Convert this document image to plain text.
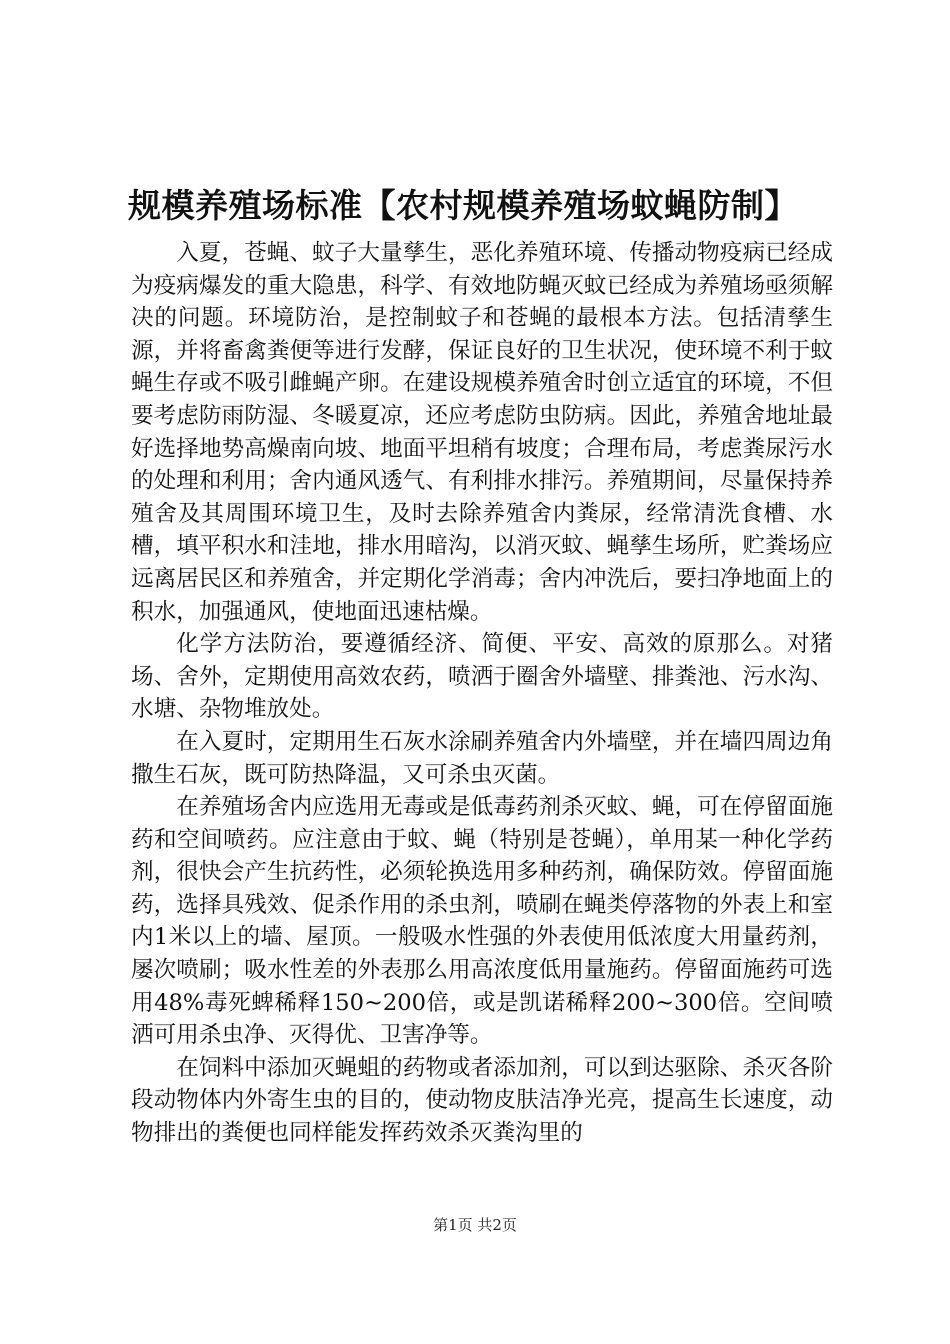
规模养殖场标准【农村规模养殖场蚊蝇防制】

入夏，苍蝇、蚊子大量孳生，恶化养殖环境、传播动物疫病已经成为疫病爆发的重大隐患，科学、有效地防蝇灭蚊已经成为养殖场亟须解决的问题。环境防治，是控制蚊子和苍蝇的最根本方法。包括清孳生源，并将畜禽粪便等进行发酵，保证良好的卫生状况，使环境不利于蚊蝇生存或不吸引雌蝇产卵。在建设规模养殖舍时创立适宜的环境，不但要考虑防雨防湿、冬暖夏凉，还应考虑防虫防病。因此，养殖舍地址最好选择地势高燥南向坡、地面平坦稍有坡度；合理布局，考虑粪尿污水的处理和利用；舍内通风透气、有利排水排污。养殖期间，尽量保持养殖舍及其周围环境卫生，及时去除养殖舍内粪尿，经常清洗食槽、水槽，填平积水和洼地，排水用暗沟，以消灭蚊、蝇孳生场所，贮粪场应远离居民区和养殖舍，并定期化学消毒；舍内冲洗后，要扫净地面上的积水，加强通风，使地面迅速枯燥。

化学方法防治，要遵循经济、简便、平安、高效的原那么。对猪场、舍外，定期使用高效农药，喷洒于圈舍外墙壁、排粪池、污水沟、水塘、杂物堆放处。

在入夏时，定期用生石灰水涂刷养殖舍内外墙壁，并在墙四周边角撒生石灰，既可防热降温，又可杀虫灭菌。

在养殖场舍内应选用无毒或是低毒药剂杀灭蚊、蝇，可在停留面施药和空间喷药。应注意由于蚊、蝇（特别是苍蝇），单用某一种化学药剂，很快会产生抗药性，必须轮换选用多种药剂，确保防效。停留面施药，选择具残效、促杀作用的杀虫剂，喷刷在蝇类停落物的外表上和室内1米以上的墙、屋顶。一般吸水性强的外表使用低浓度大用量药剂，屡次喷刷；吸水性差的外表那么用高浓度低用量施药。停留面施药可选用48%毒死蜱稀释150~200倍，或是凯诺稀释200~300倍。空间喷洒可用杀虫净、灭得优、卫害净等。

在饲料中添加灭蝇蛆的药物或者添加剂，可以到达驱除、杀灭各阶段动物体内外寄生虫的目的，使动物皮肤洁净光亮，提高生长速度，动物排出的粪便也同样能发挥药效杀灭粪沟里的

第1页 共2页
